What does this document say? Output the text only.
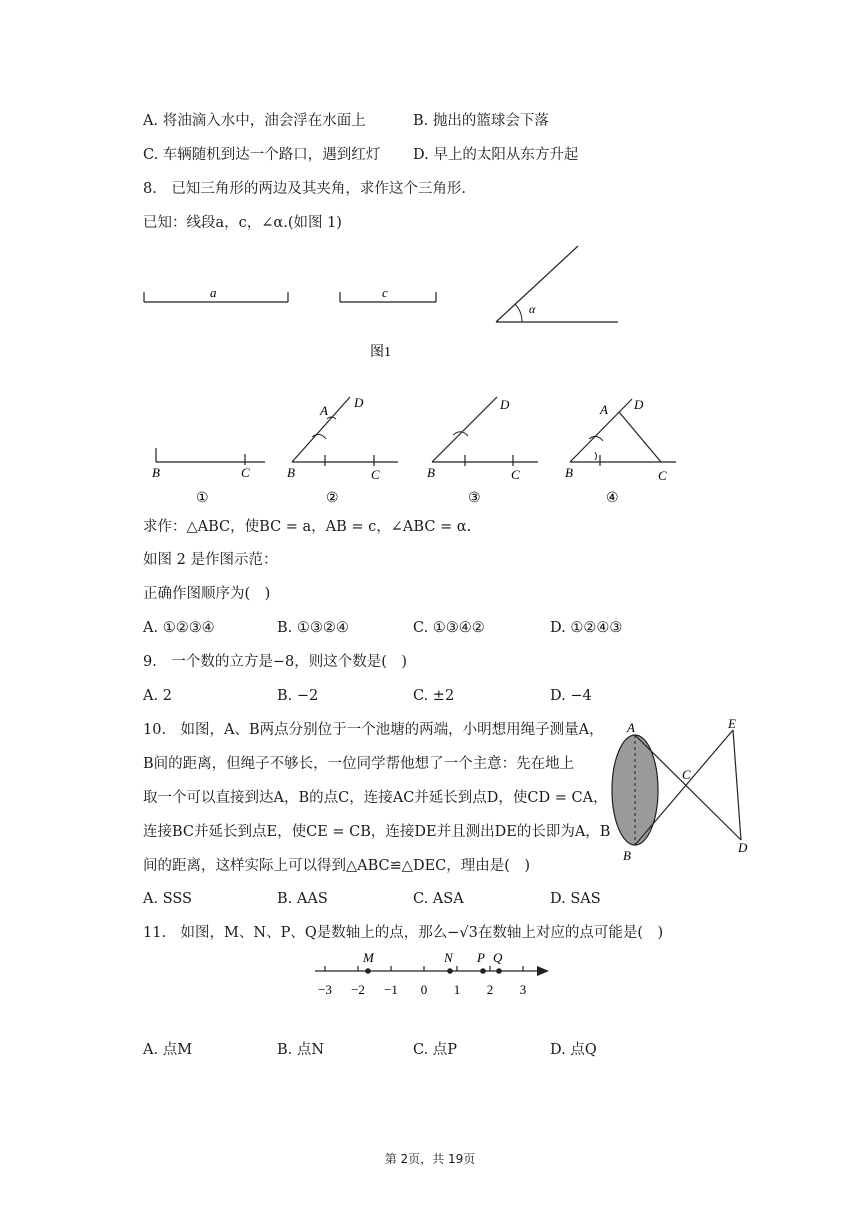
A. 将油滴入水中，油会浮在水面上	B. 抛出的篮球会下落
C. 车辆随机到达一个路口，遇到红灯 D. 早上的太阳从东方升起
8.　已知三角形的两边及其夹角，求作这个三角形.
已知：线段a，c，∠α.(如图 1)
a	c
α
图1
B	C
①
A
D
B	C
②
D
B	C
③
A D
B	C
④
求作：△ABC，使BC = a，AB = c，∠ABC = α.
如图 2 是作图示范：
正确作图顺序为(　)
A. ①②③④	B. ①③②④	C. ①③④②	D. ①②④③
9.　一个数的立方是−8，则这个数是(　)
A. 2	B. −2	C. ±2	D. −4
10.　如图，A、B两点分别位于一个池塘的两端，小明想用绳子测量A，
B间的距离，但绳子不够长，一位同学帮他想了一个主意：先在地上
取一个可以直接到达A，B的点C，连接AC并延长到点D，使CD = CA，
连接BC并延长到点E，使CE = CB，连接DE并且测出DE的长即为A，B
间的距离，这样实际上可以得到△ABC≌△DEC，理由是(　)
A
B
C
D
E
A. SSS	B. AAS	C. ASA	D. SAS
11.　如图，M、N、P、Q是数轴上的点，那么−√3在数轴上对应的点可能是(　)
−3 −2 −1 0 1 2 3
M	N P Q
A. 点M	B. 点N	C. 点P	D. 点Q
第 2页，共 19页
